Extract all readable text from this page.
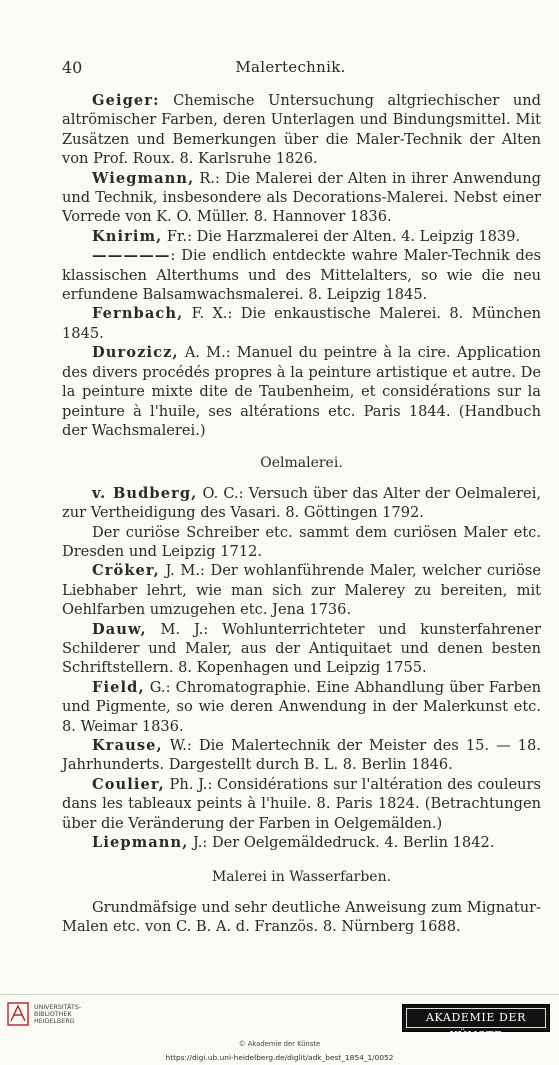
40	Malertechnik.

Geiger: Chemische Untersuchung altgriechischer und altrömischer Farben, deren Unterlagen und Bindungsmittel. Mit Zusätzen und Bemerkungen über die Maler-Technik der Alten von Prof. Roux. 8. Karlsruhe 1826.

Wiegmann, R.: Die Malerei der Alten in ihrer Anwendung und Technik, insbesondere als Decorations-Malerei. Nebst einer Vorrede von K. O. Müller. 8. Hannover 1836.

Knirim, Fr.: Die Harzmalerei der Alten. 4. Leipzig 1839.

—————: Die endlich entdeckte wahre Maler-Technik des klassischen Alterthums und des Mittelalters, so wie die neu erfundene Balsamwachsmalerei. 8. Leipzig 1845.

Fernbach, F. X.: Die enkaustische Malerei. 8. München 1845.

Durozicz, A. M.: Manuel du peintre à la cire. Application des divers procédés propres à la peinture artistique et autre. De la peinture mixte dite de Taubenheim, et considérations sur la peinture à l'huile, ses altérations etc. Paris 1844. (Handbuch der Wachsmalerei.)

Oelmalerei.

v. Budberg, O. C.: Versuch über das Alter der Oelmalerei, zur Vertheidigung des Vasari. 8. Göttingen 1792.

Der curiöse Schreiber etc. sammt dem curiösen Maler etc. Dresden und Leipzig 1712.

Cröker, J. M.: Der wohlanführende Maler, welcher curiöse Liebhaber lehrt, wie man sich zur Malerey zu bereiten, mit Oehlfarben umzugehen etc. Jena 1736.

Dauw, M. J.: Wohlunterrichteter und kunsterfahrener Schilderer und Maler, aus der Antiquitaet und denen besten Schriftstellern. 8. Kopenhagen und Leipzig 1755.

Field, G.: Chromatographie. Eine Abhandlung über Farben und Pigmente, so wie deren Anwendung in der Malerkunst etc. 8. Weimar 1836.

Krause, W.: Die Malertechnik der Meister des 15. — 18. Jahrhunderts. Dargestellt durch B. L. 8. Berlin 1846.

Coulier, Ph. J.: Considérations sur l'altération des couleurs dans les tableaux peints à l'huile. 8. Paris 1824. (Betrachtungen über die Veränderung der Farben in Oelgemälden.)

Liepmann, J.: Der Oelgemäldedruck. 4. Berlin 1842.

Malerei in Wasserfarben.

Grundmäfsige und sehr deutliche Anweisung zum Mignatur-Malen etc. von C. B. A. d. Französ. 8. Nürnberg 1688.

UNIVERSITÄTS-
BIBLIOTHEK
HEIDELBERG	AKADEMIE DER KÜNSTE
© Akademie der Künste
https://digi.ub.uni-heidelberg.de/diglit/adk_best_1854_1/0052
